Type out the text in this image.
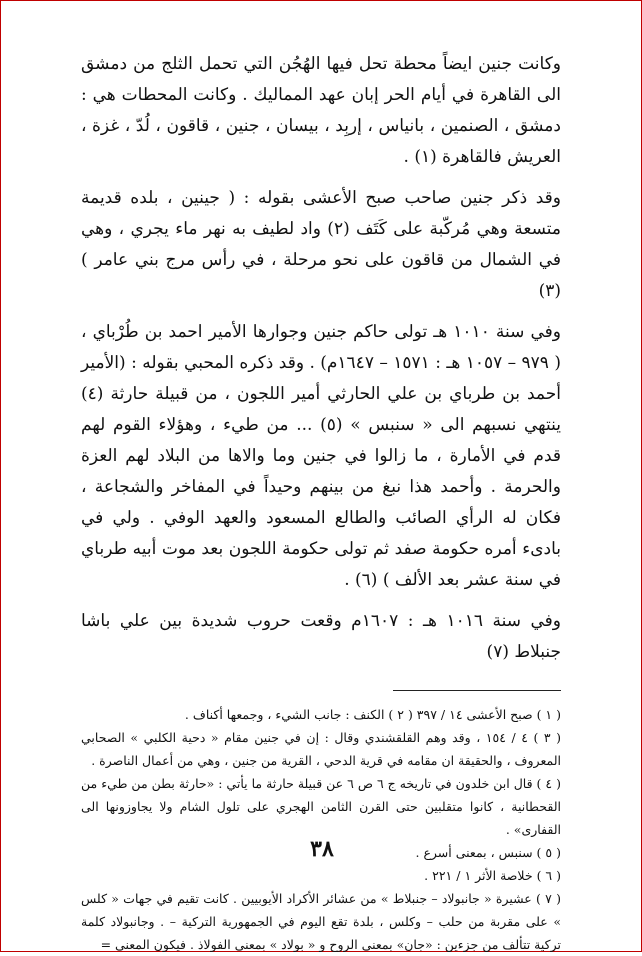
وكانت جنين ايضاً محطة تحل فيها الهُجُن التي تحمل الثلج من دمشق الى القاهرة في أيام الحر إبان عهد المماليك . وكانت المحطات هي : دمشق ، الصنمين ، بانياس ، إربِد ، بيسان ، جنين ، قاقون ، لُدّ ، غزة ، العريش فالقاهرة (١) .

وقد ذكر جنين صاحب صبح الأعشى بقوله : ( جينين ، بلده قديمة متسعة وهي مُركّبة على كَتَف (٢) واد لطيف به نهر ماء يجري ، وهي في الشمال من قاقون على نحو مرحلة ، في رأس مرج بني عامر ) (٣)

وفي سنة ١٠١٠ هـ تولى حاكم جنين وجوارها الأمير احمد بن طُرْباي ، ( ٩٧٩ – ١٠٥٧ هـ : ١٥٧١ – ١٦٤٧م) . وقد ذكره المحبي بقوله : (الأمير أحمد بن طرباي بن علي الحارثي أمير اللجون ، من قبيلة حارثة (٤) ينتهي نسبهم الى « سنبس » (٥) ... من طيء ، وهؤلاء القوم لهم قدم في الأمارة ، ما زالوا في جنين وما والاها من البلاد لهم العزة والحرمة . وأحمد هذا نبغ من بينهم وحيداً في المفاخر والشجاعة ، فكان له الرأي الصائب والطالع المسعود والعهد الوفي . ولي في بادىء أمره حكومة صفد ثم تولى حكومة اللجون بعد موت أبيه طرباي في سنة عشر بعد الألف ) (٦) .

وفي سنة ١٠١٦ هـ : ١٦٠٧م وقعت حروب شديدة بين علي باشا جنبلاط (٧)

( ١ ) صبح الأعشى ١٤ / ٣٩٧ ( ٢ ) الكنف : جانب الشيء ، وجمعها أكناف .

( ٣ ) ٤ / ١٥٤ ، وقد وهم القلقشندي وقال : إن في جنين مقام « دحية الكلبي » الصحابي المعروف ، والحقيقة ان مقامه في قرية الدحي ، القرية من جنين ، وهي من أعمال الناصرة .

( ٤ ) قال ابن خلدون في تاريخه ج ٦ ص ٦ عن قبيلة حارثة ما يأتي : «حارثة بطن من طيء من القحطانية ، كانوا متقلبين حتى القرن الثامن الهجري على تلول الشام ولا يجاوزونها الى القفارى» .

( ٥ ) سنبس ، بمعنى أسرع .

( ٦ ) خلاصة الأثر ١ / ٢٢١ .

( ٧ ) عشيرة « جانبولاد – جنبلاط » من عشائر الأكراد الأيوبيين . كانت تقيم في جهات « كلس » على مقربة من حلب – وكلس ، بلدة تقع اليوم في الجمهورية التركية – . وجانبولاد كلمة تركية تتألف من جزءين : «جان» بمعنى الروح و « بولاد » بمعنى الفولاذ . فيكون المعنى =

٣٨
